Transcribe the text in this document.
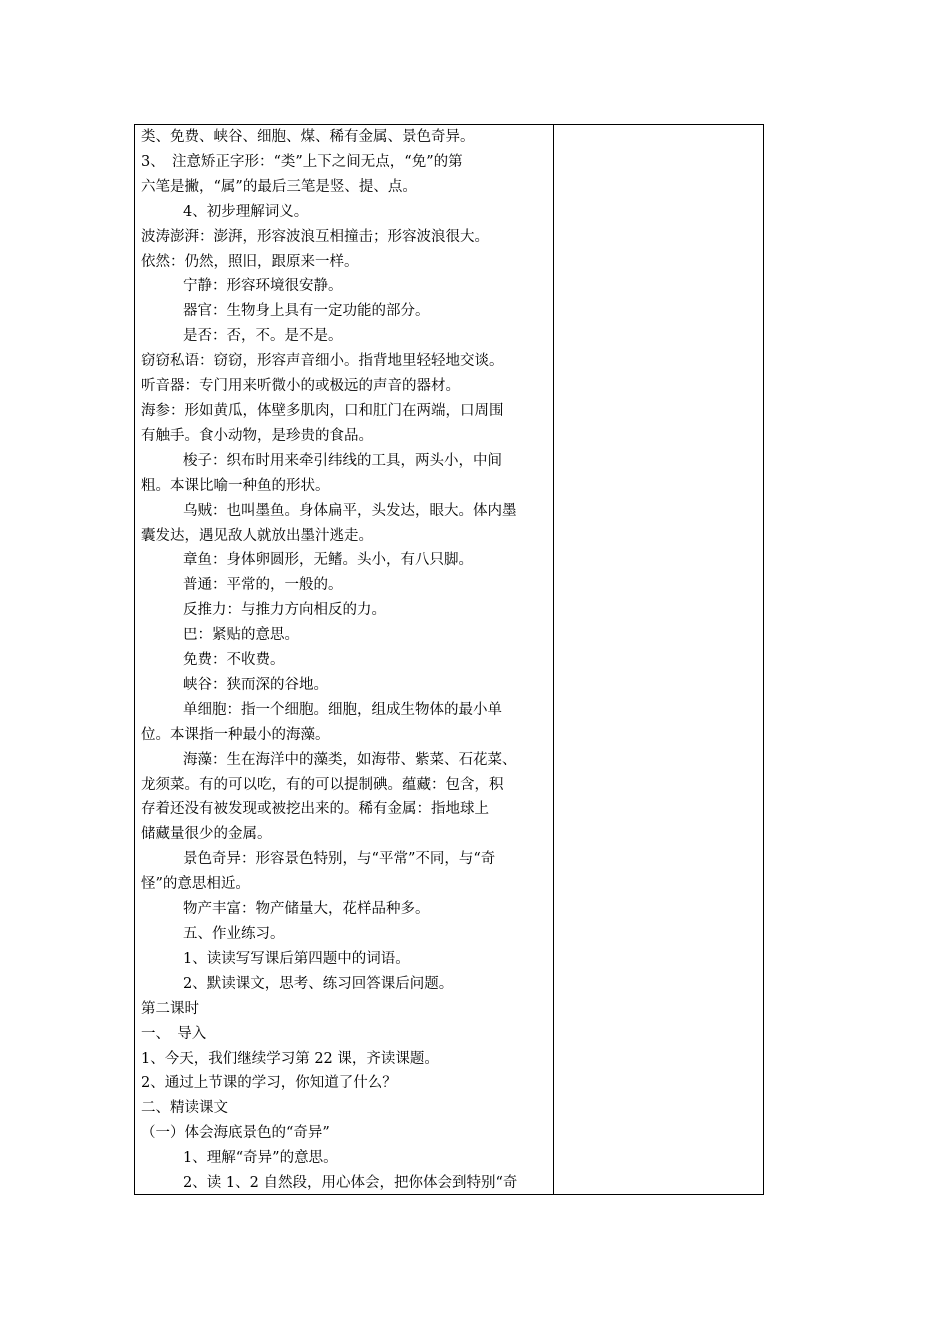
类、免费、峡谷、细胞、煤、稀有金属、景色奇异。

3、　注意矫正字形：“类”上下之间无点，“免”的第

六笔是撇，“属”的最后三笔是竖、提、点。

4、初步理解词义。

波涛澎湃：澎湃，形容波浪互相撞击；形容波浪很大。

依然：仍然，照旧，跟原来一样。

宁静：形容环境很安静。

器官：生物身上具有一定功能的部分。

是否：否，不。是不是。

窃窃私语：窃窃，形容声音细小。指背地里轻轻地交谈。

听音器：专门用来听微小的或极远的声音的器材。

海参：形如黄瓜，体壁多肌肉，口和肛门在两端，口周围

有触手。食小动物，是珍贵的食品。

梭子：织布时用来牵引纬线的工具，两头小，中间

粗。本课比喻一种鱼的形状。

乌贼：也叫墨鱼。身体扁平，头发达，眼大。体内墨

囊发达，遇见敌人就放出墨汁逃走。

章鱼：身体卵圆形，无鳍。头小，有八只脚。

普通：平常的，一般的。

反推力：与推力方向相反的力。

巴：紧贴的意思。

免费：不收费。

峡谷：狭而深的谷地。

单细胞：指一个细胞。细胞，组成生物体的最小单

位。本课指一种最小的海藻。

海藻：生在海洋中的藻类，如海带、紫菜、石花菜、

龙须菜。有的可以吃，有的可以提制碘。蕴藏：包含，积

存着还没有被发现或被挖出来的。稀有金属：指地球上

储藏量很少的金属。

景色奇异：形容景色特别，与“平常”不同，与“奇

怪”的意思相近。

物产丰富：物产储量大，花样品种多。

五、作业练习。

1、读读写写课后第四题中的词语。

2、默读课文，思考、练习回答课后问题。

第二课时

一、　导入

1、今天，我们继续学习第 22 课，齐读课题。

2、通过上节课的学习，你知道了什么？

二、精读课文

（一）体会海底景色的“奇异”

1、理解“奇异”的意思。

2、读 1、2 自然段，用心体会，把你体会到特别“奇
